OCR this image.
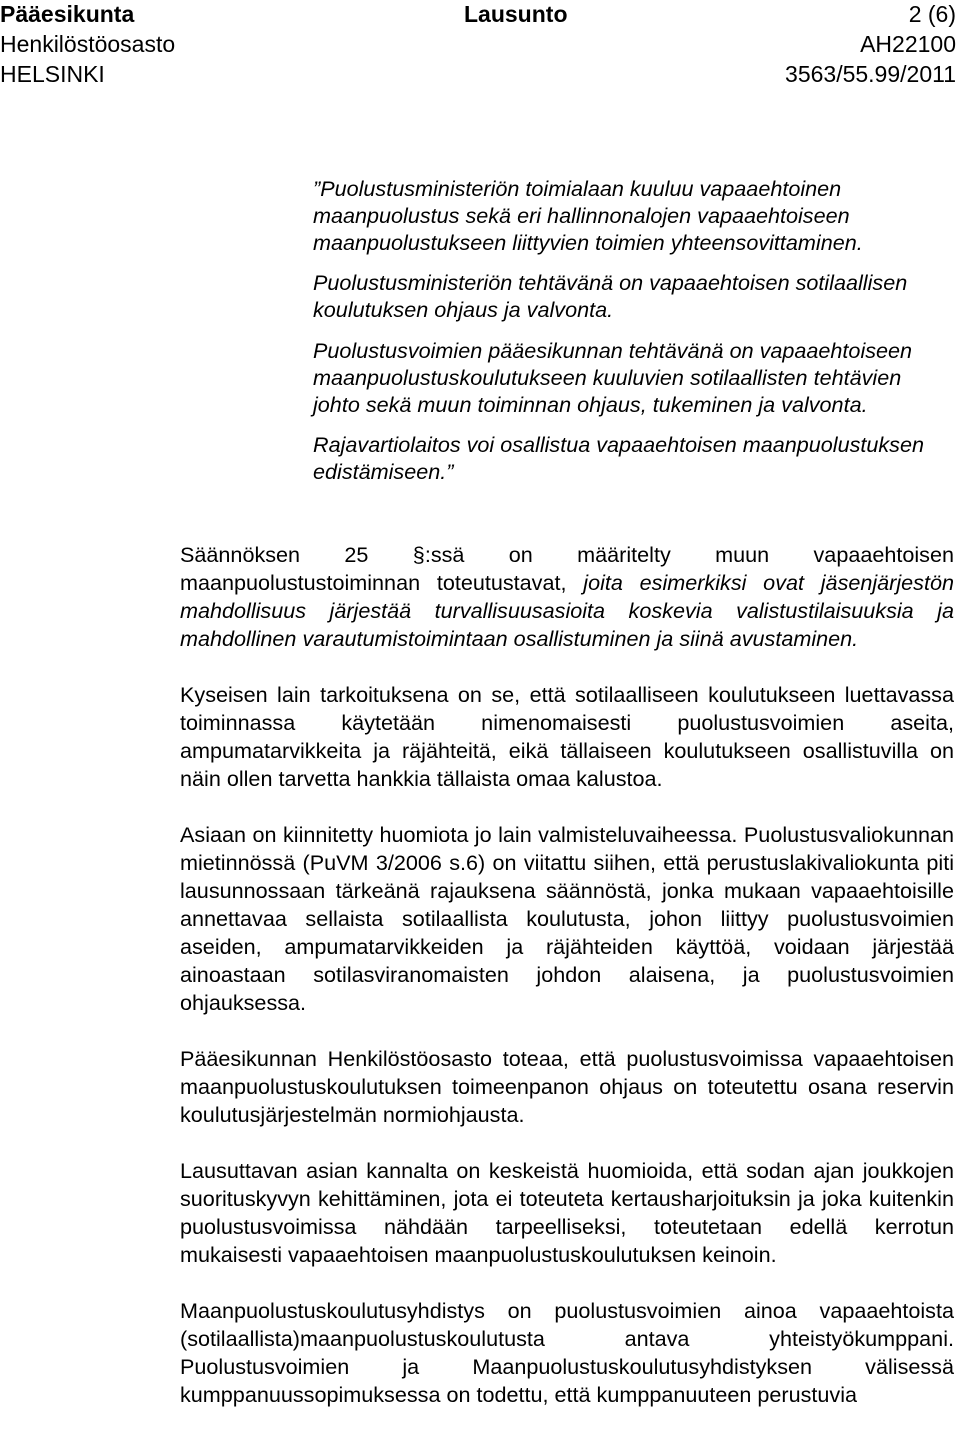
Pääesikunta	Lausunto	2 (6)
Henkilöstöosasto	AH22100
HELSINKI	3563/55.99/2011

”Puolustusministeriön toimialaan kuuluu vapaaehtoinen maanpuolustus sekä eri hallinnonalojen vapaaehtoiseen maanpuolustukseen liittyvien toimien yhteensovittaminen.

Puolustusministeriön tehtävänä on vapaaehtoisen sotilaallisen koulutuksen ohjaus ja valvonta.

Puolustusvoimien pääesikunnan tehtävänä on vapaaehtoiseen maanpuolustuskoulutukseen kuuluvien sotilaallisten tehtävien johto sekä muun toiminnan ohjaus, tukeminen ja valvonta.

Rajavartiolaitos voi osallistua vapaaehtoisen maanpuolustuksen edistämiseen.”

Säännöksen 25 §:ssä on määritelty muun vapaaehtoisen maanpuolustustoiminnan toteutustavat, joita esimerkiksi ovat jäsenjärjestön mahdollisuus järjestää turvallisuusasioita koskevia valistustilaisuuksia ja mahdollinen varautumistoimintaan osallistuminen ja siinä avustaminen.

Kyseisen lain tarkoituksena on se, että sotilaalliseen koulutukseen luettavassa toiminnassa käytetään nimenomaisesti puolustusvoimien aseita, ampumatarvikkeita ja räjähteitä, eikä tällaiseen koulutukseen osallistuvilla on näin ollen tarvetta hankkia tällaista omaa kalustoa.

Asiaan on kiinnitetty huomiota jo lain valmisteluvaiheessa. Puolustusvaliokunnan mietinnössä (PuVM 3/2006 s.6) on viitattu siihen, että perustuslakivaliokunta piti lausunnossaan tärkeänä rajauksena säännöstä, jonka mukaan vapaaehtoisille annettavaa sellaista sotilaallista koulutusta, johon liittyy puolustusvoimien aseiden, ampumatarvikkeiden ja räjähteiden käyttöä, voidaan järjestää ainoastaan sotilasviranomaisten johdon alaisena, ja puolustusvoimien ohjauksessa.

Pääesikunnan Henkilöstöosasto toteaa, että puolustusvoimissa vapaaehtoisen maanpuolustuskoulutuksen toimeenpanon ohjaus on toteutettu osana reservin koulutusjärjestelmän normiohjausta.

Lausuttavan asian kannalta on keskeistä huomioida, että sodan ajan joukkojen suorituskyvyn kehittäminen, jota ei toteuteta kertausharjoituksin ja joka kuitenkin puolustusvoimissa nähdään tarpeelliseksi, toteutetaan edellä kerrotun mukaisesti vapaaehtoisen maanpuolustuskoulutuksen keinoin.

Maanpuolustuskoulutusyhdistys on puolustusvoimien ainoa vapaaehtoista (sotilaallista)maanpuolustuskoulutusta antava yhteistyökumppani. Puolustusvoimien ja Maanpuolustuskoulutusyhdistyksen välisessä kumppanuussopimuksessa on todettu, että kumppanuuteen perustuvia
